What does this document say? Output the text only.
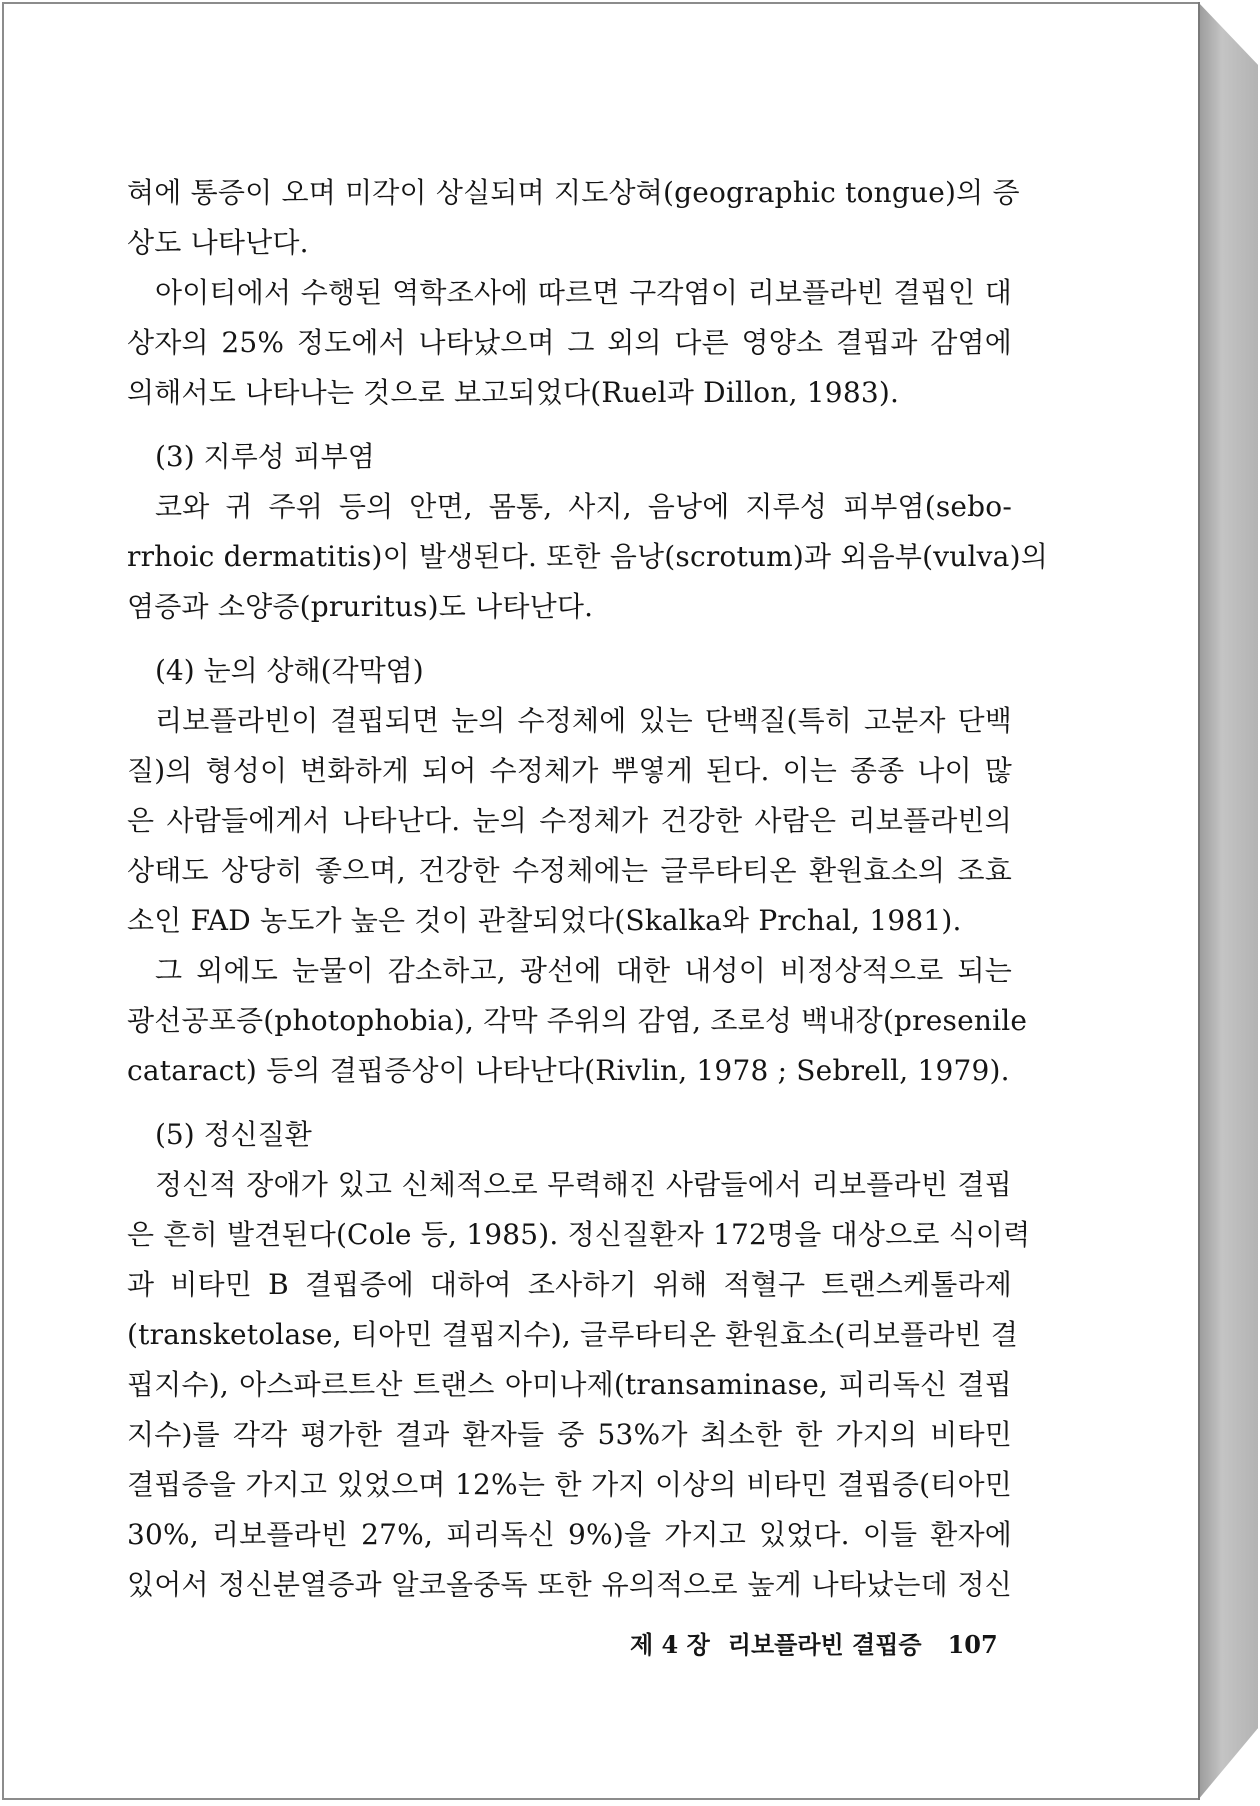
혀에 통증이 오며 미각이 상실되며 지도상혀(geographic tongue)의 증
상도 나타난다.
아이티에서 수행된 역학조사에 따르면 구각염이 리보플라빈 결핍인 대
상자의 25% 정도에서 나타났으며 그 외의 다른 영양소 결핍과 감염에
의해서도 나타나는 것으로 보고되었다(Ruel과 Dillon, 1983).
(3) 지루성 피부염
코와 귀 주위 등의 안면, 몸통, 사지, 음낭에 지루성 피부염(sebo-
rrhoic dermatitis)이 발생된다. 또한 음낭(scrotum)과 외음부(vulva)의
염증과 소양증(pruritus)도 나타난다.
(4) 눈의 상해(각막염)
리보플라빈이 결핍되면 눈의 수정체에 있는 단백질(특히 고분자 단백
질)의 형성이 변화하게 되어 수정체가 뿌옇게 된다. 이는 종종 나이 많
은 사람들에게서 나타난다. 눈의 수정체가 건강한 사람은 리보플라빈의
상태도 상당히 좋으며, 건강한 수정체에는 글루타티온 환원효소의 조효
소인 FAD 농도가 높은 것이 관찰되었다(Skalka와 Prchal, 1981).
그 외에도 눈물이 감소하고, 광선에 대한 내성이 비정상적으로 되는
광선공포증(photophobia), 각막 주위의 감염, 조로성 백내장(presenile
cataract) 등의 결핍증상이 나타난다(Rivlin, 1978 ; Sebrell, 1979).
(5) 정신질환
정신적 장애가 있고 신체적으로 무력해진 사람들에서 리보플라빈 결핍
은 흔히 발견된다(Cole 등, 1985). 정신질환자 172명을 대상으로 식이력
과 비타민 B 결핍증에 대하여 조사하기 위해 적혈구 트랜스케톨라제
(transketolase, 티아민 결핍지수), 글루타티온 환원효소(리보플라빈 결
핍지수), 아스파르트산 트랜스 아미나제(transaminase, 피리독신 결핍
지수)를 각각 평가한 결과 환자들 중 53%가 최소한 한 가지의 비타민
결핍증을 가지고 있었으며 12%는 한 가지 이상의 비타민 결핍증(티아민
30%, 리보플라빈 27%, 피리독신 9%)을 가지고 있었다. 이들 환자에
있어서 정신분열증과 알코올중독 또한 유의적으로 높게 나타났는데 정신
제 4 장 리보플라빈 결핍증 107
